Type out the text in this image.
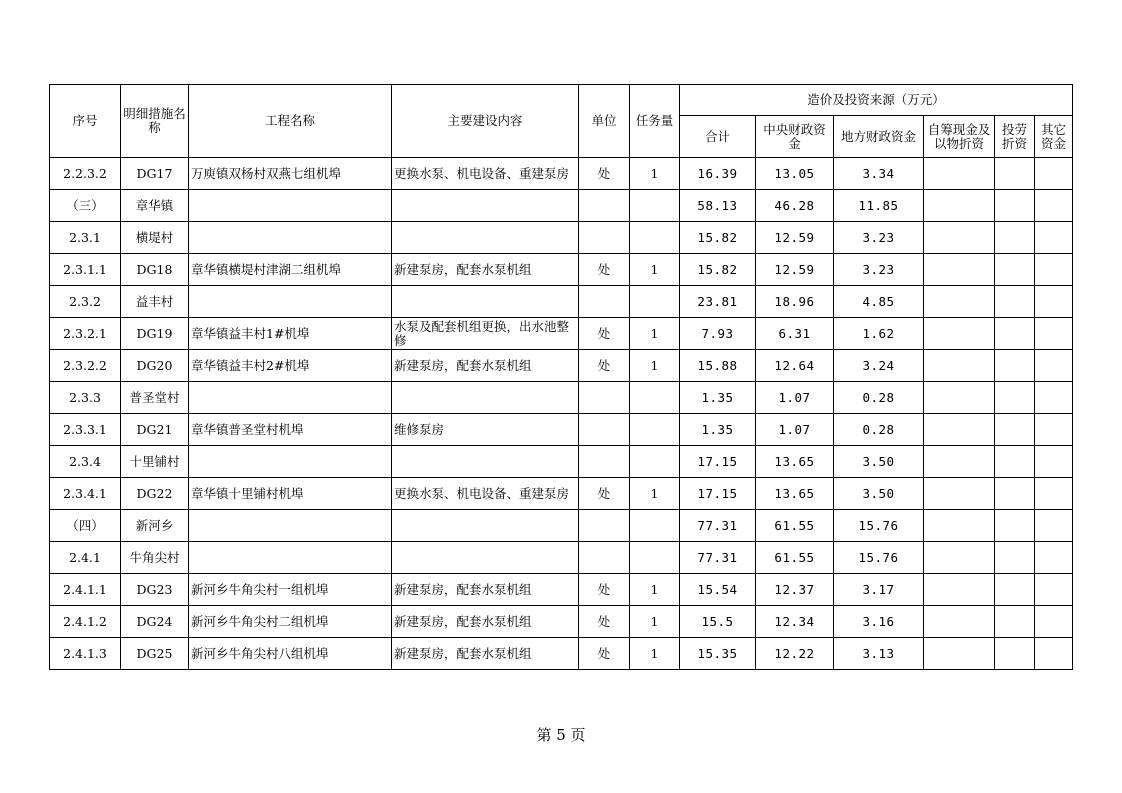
序号	明细措施名称	工程名称	主要建设内容	单位	任务量	造价及投资来源（万元）					
						合计	中央财政资金	地方财政资金	自筹现金及以物折资	投劳折资	其它资金
2.2.3.2	DG17	万庾镇双杨村双燕七组机埠	更换水泵、机电设备、重建泵房	处	1	16.39	13.05	3.34			
（三）	章华镇					58.13	46.28	11.85			
2.3.1	横堤村					15.82	12.59	3.23			
2.3.1.1	DG18	章华镇横堤村津湖二组机埠	新建泵房，配套水泵机组	处	1	15.82	12.59	3.23			
2.3.2	益丰村					23.81	18.96	4.85			
2.3.2.1	DG19	章华镇益丰村1#机埠	水泵及配套机组更换，出水池整修	处	1	7.93	6.31	1.62			
2.3.2.2	DG20	章华镇益丰村2#机埠	新建泵房，配套水泵机组	处	1	15.88	12.64	3.24			
2.3.3	普圣堂村					1.35	1.07	0.28			
2.3.3.1	DG21	章华镇普圣堂村机埠	维修泵房			1.35	1.07	0.28			
2.3.4	十里铺村					17.15	13.65	3.50			
2.3.4.1	DG22	章华镇十里铺村机埠	更换水泵、机电设备、重建泵房	处	1	17.15	13.65	3.50			
（四）	新河乡					77.31	61.55	15.76			
2.4.1	牛角尖村					77.31	61.55	15.76			
2.4.1.1	DG23	新河乡牛角尖村一组机埠	新建泵房，配套水泵机组	处	1	15.54	12.37	3.17			
2.4.1.2	DG24	新河乡牛角尖村二组机埠	新建泵房，配套水泵机组	处	1	15.5	12.34	3.16			
2.4.1.3	DG25	新河乡牛角尖村八组机埠	新建泵房，配套水泵机组	处	1	15.35	12.22	3.13			
第 5 页
